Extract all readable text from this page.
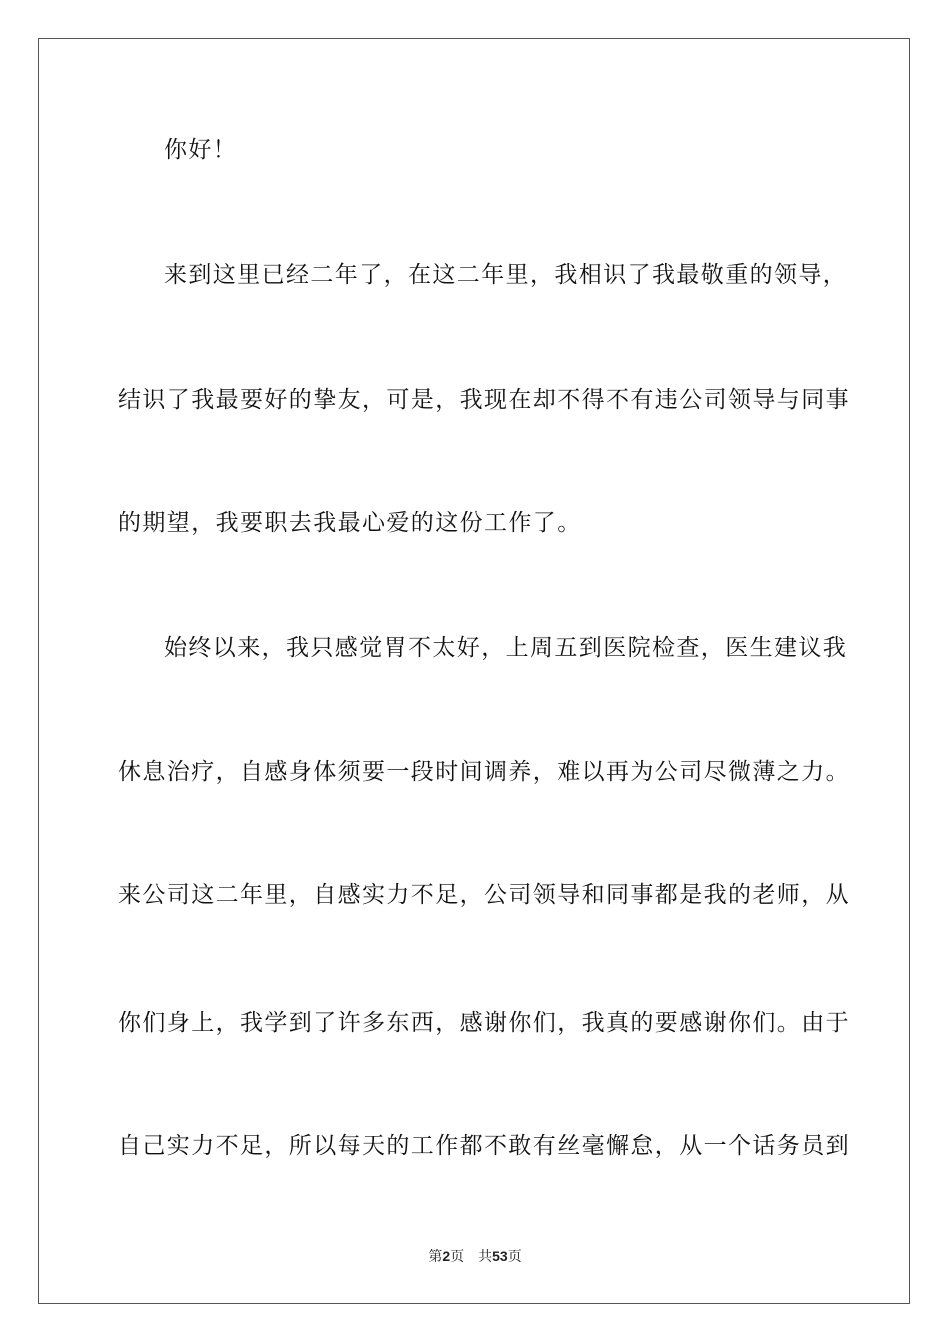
你好！
来到这里已经二年了，在这二年里，我相识了我最敬重的领导，
结识了我最要好的挚友，可是，我现在却不得不有违公司领导与同事
的期望，我要职去我最心爱的这份工作了。
始终以来，我只感觉胃不太好，上周五到医院检查，医生建议我
休息治疗，自感身体须要一段时间调养，难以再为公司尽微薄之力。
来公司这二年里，自感实力不足，公司领导和同事都是我的老师，从
你们身上，我学到了许多东西，感谢你们，我真的要感谢你们。由于
自己实力不足，所以每天的工作都不敢有丝毫懈怠，从一个话务员到
第2页 共53页
